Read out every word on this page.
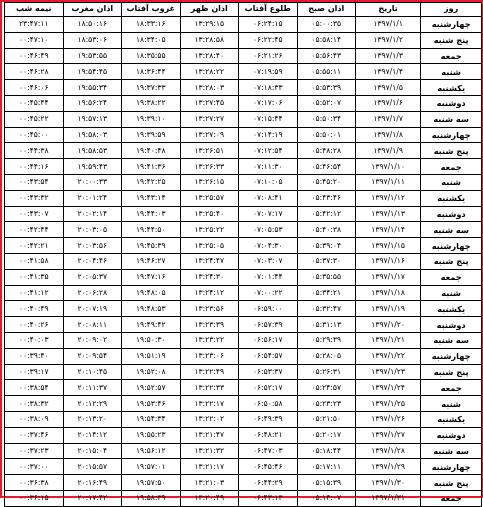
روز	تاریخ	اذان صبح	طلوع آفتاب	اذان ظهر	غروب آفتاب	اذان مغرب	نیمه شب
چهارشنبه	۱۳۹۷/۱/۱	۰۵:۰۰:۳۵	۰۶:۲۴:۱۵	۱۳:۲۹:۱۵	۱۸:۳۳:۱۶	۱۸:۵۰:۱۶	۲۳:۴۷:۱۱
پنج شنبه	۱۳۹۷/۱/۲	۰۵:۵۸:۱۴	۰۶:۲۲:۴۵	۱۳:۲۸:۵۸	۱۸:۳۴:۰۵	۱۸:۵۳:۰۶	۰۰:۴۷:۱۰
جمعه	۱۳۹۷/۱/۳	۰۵:۵۶:۴۳	۰۶:۲۱:۲۶	۱۳:۲۸:۴۰	۱۸:۳۵:۵۵	۱۹:۵۳:۵۵	۰۰:۴۶:۴۹
شنبه	۱۳۹۷/۱/۴	۰۵:۵۵:۱۱	۰۷:۱۹:۵۹	۱۳:۲۸:۲۲	۱۸:۳۶:۴۴	۱۹:۵۴:۴۵	۰۰:۴۶:۲۸
یکشنبه	۱۳۹۷/۱/۵	۰۵:۵۳:۳۹	۰۷:۱۸:۳۳	۱۳:۲۸:۰۳	۱۹:۳۷:۳۳	۱۹:۵۵:۳۴	۰۰:۴۶:۰۶
دوشنبه	۱۳۹۷/۱/۶	۰۵:۵۲:۰۷	۰۷:۱۷:۰۶	۱۳:۲۷:۴۵	۱۹:۳۸:۲۲	۱۹:۵۶:۲۴	۰۰:۴۵:۴۴
سه شنبه	۱۳۹۷/۱/۷	۰۵:۵۰:۳۴	۰۷:۱۵:۴۴	۱۳:۲۷:۲۷	۱۹:۳۹:۱۰	۱۹:۵۷:۱۳	۰۰:۴۵:۲۲
چهارشنبه	۱۳۹۷/۱/۸	۰۵:۵۰:۰۱	۰۷:۱۴:۱۹	۱۳:۲۷:۰۹	۱۹:۳۹:۵۹	۱۹:۵۸:۰۳	۰۰:۴۵:۰۰
پنج شنبه	۱۳۹۷/۱/۹	۰۵:۴۸:۲۸	۰۷:۱۲:۵۴	۱۳:۲۶:۵۱	۱۹:۴۰:۴۸	۱۹:۵۸:۵۳	۰۰:۴۴:۳۸
جمعه	۱۳۹۷/۱/۱۰	۰۵:۴۶:۵۴	۰۷:۱۱:۳۰	۱۳:۲۶:۳۳	۱۹:۴۱:۳۶	۱۹:۵۹:۴۳	۰۰:۴۴:۱۶
شنبه	۱۳۹۷/۱/۱۱	۰۵:۴۵:۲۰	۰۷:۱۰:۰۵	۱۳:۲۶:۱۵	۱۹:۴۲:۲۵	۲۰:۰۰:۳۳	۰۰:۴۳:۵۴
یکشنبه	۱۳۹۷/۱/۱۲	۰۵:۴۳:۴۶	۰۷:۰۸:۴۱	۱۳:۲۵:۵۷	۱۹:۴۳:۱۴	۲۰:۰۱:۲۴	۰۰:۴۳:۳۲
دوشنبه	۱۳۹۷/۱/۱۳	۰۵:۴۲:۱۲	۰۷:۰۷:۱۷	۱۳:۲۵:۴۰	۱۹:۴۴:۰۳	۲۰:۰۲:۱۴	۰۰:۴۳:۰۷
سه شنبه	۱۳۹۷/۱/۱۴	۰۵:۴۰:۳۸	۰۷:۰۵:۵۳	۱۳:۲۵:۲۲	۱۹:۴۴:۵۰	۲۰:۰۳:۰۵	۰۰:۴۲:۴۴
چهارشنبه	۱۳۹۷/۱/۱۵	۰۵:۳۹:۰۴	۰۷:۰۴:۳۰	۱۳:۲۵:۰۵	۱۹:۴۵:۳۹	۲۰:۰۳:۵۶	۰۰:۴۲:۲۱
پنج شنبه	۱۳۹۷/۱/۱۶	۰۵:۳۷:۳۰	۰۷:۰۳:۰۷	۱۳:۲۴:۴۷	۱۹:۴۶:۲۷	۲۰:۰۴:۴۶	۰۰:۴۱:۵۸
جمعه	۱۳۹۷/۱/۱۷	۰۵:۳۵:۵۵	۰۷:۰۱:۴۴	۱۳:۲۴:۳۰	۱۹:۴۷:۱۶	۲۰:۰۵:۳۷	۰۰:۴۱:۳۵
شنبه	۱۳۹۷/۱/۱۸	۰۵:۳۴:۲۱	۰۷:۰۰:۲۲	۱۳:۲۴:۱۲	۱۹:۴۸:۰۵	۲۰:۰۶:۲۸	۰۰:۴۱:۱۲
یکشنبه	۱۳۹۷/۱/۱۹	۰۵:۳۲:۴۷	۰۶:۵۹:۰۰	۱۳:۲۳:۵۶	۱۹:۴۸:۵۳	۲۰:۰۷:۱۹	۰۰:۴۰:۴۹
دوشنبه	۱۳۹۷/۱/۲۰	۰۵:۳۱:۱۳	۰۶:۵۷:۳۹	۱۳:۲۳:۳۹	۱۹:۴۹:۴۲	۲۰:۰۸:۱۱	۰۰:۴۰:۲۶
سه شنبه	۱۳۹۷/۱/۲۱	۰۵:۲۹:۳۹	۰۶:۵۶:۱۷	۱۳:۲۳:۲۲	۱۹:۵۰:۳۰	۲۰:۰۹:۰۲	۰۰:۴۰:۰۳
چهارشنبه	۱۳۹۷/۱/۲۲	۰۵:۲۸:۰۵	۰۶:۵۴:۵۷	۱۳:۲۳:۰۶	۱۹:۵۱:۱۹	۲۰:۰۹:۵۴	۰۰:۳۹:۴۰
پنج شنبه	۱۳۹۷/۱/۲۳	۰۵:۲۶:۳۱	۰۶:۵۳:۳۷	۱۳:۲۲:۴۹	۱۹:۵۲:۰۸	۲۰:۱۰:۴۵	۰۰:۳۹:۱۷
جمعه	۱۳۹۷/۱/۲۴	۰۵:۲۴:۵۷	۰۶:۵۲:۱۷	۱۳:۲۲:۳۳	۱۹:۵۲:۵۷	۲۰:۱۱:۳۷	۰۰:۳۸:۵۴
شنبه	۱۳۹۷/۱/۲۵	۰۵:۲۳:۲۳	۰۶:۵۰:۵۸	۱۳:۲۲:۱۷	۱۹:۵۳:۴۶	۲۰:۱۲:۲۹	۰۰:۳۸:۳۲
یکشنبه	۱۳۹۷/۱/۲۶	۰۵:۲۱:۵۰	۰۶:۴۹:۳۹	۱۳:۲۲:۰۲	۱۹:۵۴:۳۴	۲۰:۱۳:۲۰	۰۰:۳۸:۰۹
دوشنبه	۱۳۹۷/۱/۲۷	۰۵:۲۰:۱۷	۰۶:۴۸:۲۱	۱۳:۲۱:۴۷	۱۹:۵۵:۲۳	۲۰:۱۴:۱۲	۰۰:۳۷:۴۶
سه شنبه	۱۳۹۷/۱/۲۸	۰۵:۱۸:۴۴	۰۶:۴۷:۰۳	۱۳:۲۱:۳۲	۱۹:۵۶:۱۲	۲۰:۱۵:۰۴	۰۰:۳۷:۲۳
چهارشنبه	۱۳۹۷/۱/۲۹	۰۵:۱۷:۱۱	۰۶:۴۵:۴۶	۱۳:۲۱:۱۷	۱۹:۵۷:۰۱	۲۰:۱۵:۵۷	۰۰:۳۷:۰۰
پنج شنبه	۱۳۹۷/۱/۳۰	۰۵:۱۵:۳۹	۰۶:۴۴:۲۹	۱۳:۲۱:۰۳	۱۹:۵۷:۵۰	۲۰:۱۶:۴۹	۰۰:۳۶:۳۸
جمعه	۱۳۹۷/۱/۳۱	۰۵:۱۴:۰۷	۰۶:۴۳:۱۳	۱۳:۲۰:۴۹	۱۹:۵۸:۳۹	۲۰:۱۷:۴۲	۰۰:۳۶:۱۵
